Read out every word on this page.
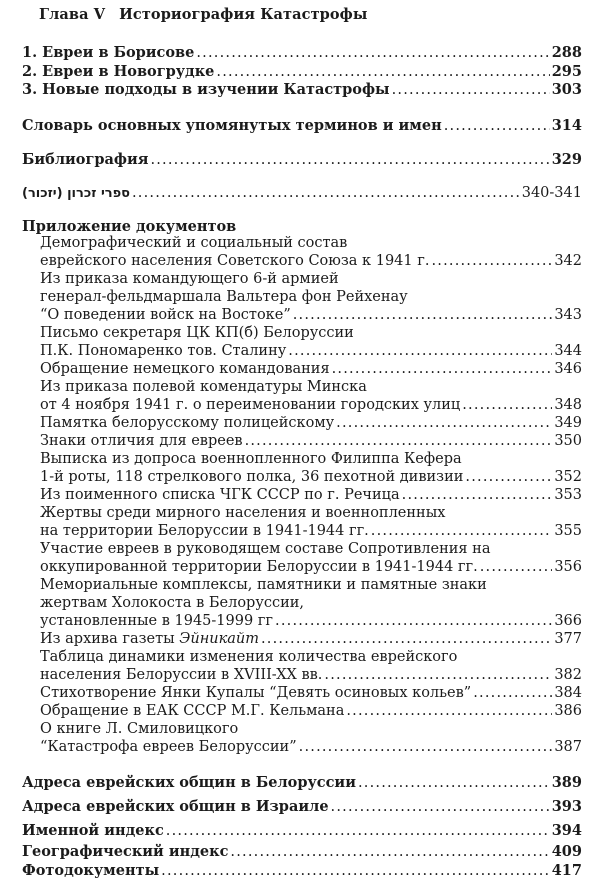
Глава V Историография Катастрофы
1. Евреи в Борисове .....	288
2. Евреи в Новогрудке .....	295
3. Новые подходы в изучении Катастрофы .....	303
Словарь основных упомянутых терминов и имен .....	314
Библиография .....	329
ספרי זכרון (יזכור) .....	340-341
Приложение документов
Демографический и социальный состав
еврейского населения Советского Союза к 1941 г. .....	342
Из приказа командующего 6-й армией
генерал-фельдмаршала Вальтера фон Рейхенау
“О поведении войск на Востоке” .....	343
Письмо секретаря ЦК КП(б) Белоруссии
П.К. Пономаренко тов. Сталину .....	344
Обращение немецкого командования .....	346
Из приказа полевой комендатуры Минска
от 4 ноября 1941 г. о переименовании городских улиц .....	348
Памятка белорусскому полицейскому .....	349
Знаки отличия для евреев .....	350
Выписка из допроса военнопленного Филиппа Кефера
1-й роты, 118 стрелкового полка, 36 пехотной дивизии .....	352
Из поименного списка ЧГК СССР по г. Речица .....	353
Жертвы среди мирного населения и военнопленных
на территории Белоруссии в 1941-1944 гг. .....	355
Участие евреев в руководящем составе Сопротивления на
оккупированной территории Белоруссии в 1941-1944 гг. .....	356
Мемориальные комплексы, памятники и памятные знаки
жертвам Холокоста в Белоруссии,
установленные в 1945-1999 гг .....	366
Из архива газеты Эйникайт .....	377
Таблица динамики изменения количества еврейского
населения Белоруссии в XVIII-XX вв. .....	382
Стихотворение Янки Купалы “Девять осиновых кольев” .....	384
Обращение в ЕАК СССР М.Г. Кельмана .....	386
О книге Л. Смиловицкого
“Катастрофа евреев Белоруссии” .....	387
Адреса еврейских общин в Белоруссии .....	389
Адреса еврейских общин в Израиле .....	393
Именной индекс .....	394
Географический индекс .....	409
Фотодокументы .....	417
